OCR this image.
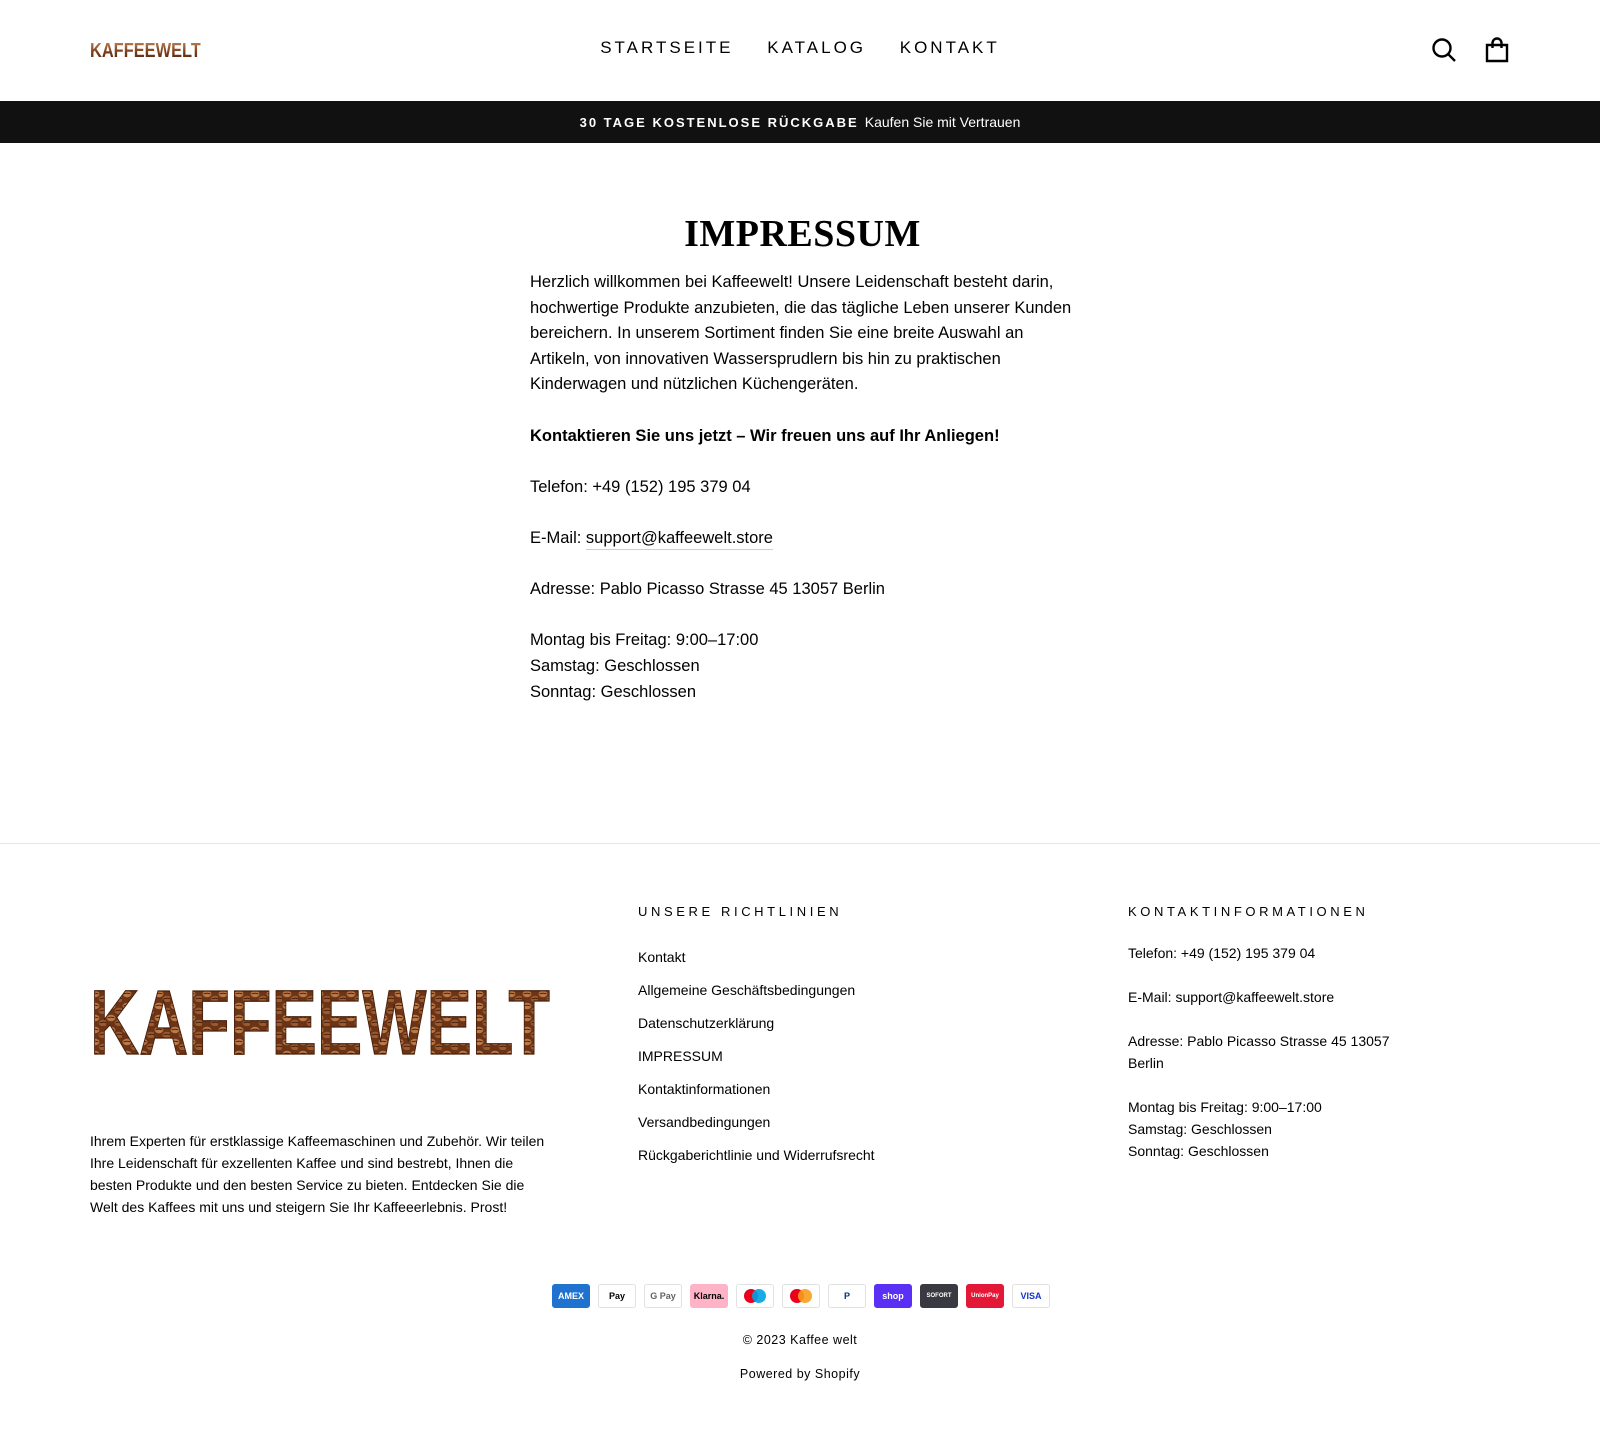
KAFFEEWELT	STARTSEITE KATALOG KONTAKT
30 TAGE KOSTENLOSE RÜCKGABE Kaufen Sie mit Vertrauen
IMPRESSUM

Herzlich willkommen bei Kaffeewelt! Unsere Leidenschaft besteht darin, hochwertige Produkte anzubieten, die das tägliche Leben unserer Kunden bereichern. In unserem Sortiment finden Sie eine breite Auswahl an Artikeln, von innovativen Wassersprudlern bis hin zu praktischen Kinderwagen und nützlichen Küchengeräten.

Kontaktieren Sie uns jetzt – Wir freuen uns auf Ihr Anliegen!

Telefon: +49 (152) 195 379 04

E-Mail: support@kaffeewelt.store

Adresse: Pablo Picasso Strasse 45 13057 Berlin

Montag bis Freitag: 9:00–17:00
Samstag: Geschlossen
Sonntag: Geschlossen

KAFFEEWELT

Ihrem Experten für erstklassige Kaffeemaschinen und Zubehör. Wir teilen Ihre Leidenschaft für exzellenten Kaffee und sind bestrebt, Ihnen die besten Produkte und den besten Service zu bieten. Entdecken Sie die Welt des Kaffees mit uns und steigern Sie Ihr Kaffeeerlebnis. Prost!

UNSERE RICHTLINIEN
Kontakt
Allgemeine Geschäftsbedingungen
Datenschutzerklärung
IMPRESSUM
Kontaktinformationen
Versandbedingungen
Rückgaberichtlinie und Widerrufsrecht
KONTAKTINFORMATIONEN

Telefon: +49 (152) 195 379 04

E-Mail: support@kaffeewelt.store

Adresse: Pablo Picasso Strasse 45 13057 Berlin

Montag bis Freitag: 9:00–17:00
Samstag: Geschlossen
Sonntag: Geschlossen

AMEX	Pay	G Pay	Klarna.	P	shop	SOFORT	UnionPay	VISA
© 2023 Kaffee welt
Powered by Shopify
